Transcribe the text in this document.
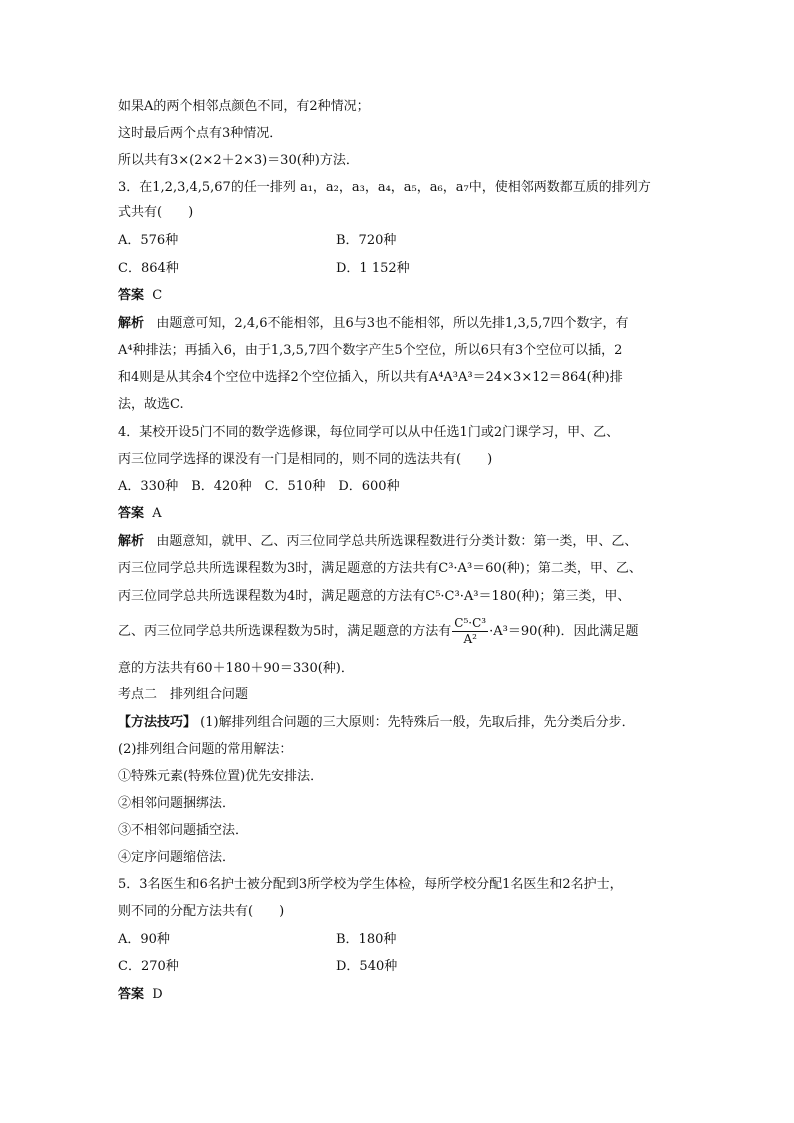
如果A的两个相邻点颜色不同，有2种情况；
这时最后两个点有3种情况．
所以共有3×(2×2＋2×3)＝30(种)方法．
3．在1,2,3,4,5,67的任一排列 a₁，a₂，a₃，a₄，a₅，a₆，a₇中，使相邻两数都互质的排列方
式共有(　　)
A．576种	B．720种
C．864种	D．1 152种
答案 C
解析 由题意可知，2,4,6不能相邻，且6与3也不能相邻，所以先排1,3,5,7四个数字，有
A⁴种排法；再插入6，由于1,3,5,7四个数字产生5个空位，所以6只有3个空位可以插，2
和4则是从其余4个空位中选择2个空位插入，所以共有A⁴A³A³＝24×3×12＝864(种)排
法，故选C.
4．某校开设5门不同的数学选修课，每位同学可以从中任选1门或2门课学习，甲、乙、
丙三位同学选择的课没有一门是相同的，则不同的选法共有(　　)
A．330种　B．420种　C．510种　D．600种
答案 A
解析 由题意知，就甲、乙、丙三位同学总共所选课程数进行分类计数：第一类，甲、乙、
丙三位同学总共所选课程数为3时，满足题意的方法共有C³·A³＝60(种)；第二类，甲、乙、
丙三位同学总共所选课程数为4时，满足题意的方法有C⁵·C³·A³＝180(种)；第三类，甲、
乙、丙三位同学总共所选课程数为5时，满足题意的方法有 $\frac{\text{C⁵·C³}}{\text{A²}} \cdot A^3=90$(种)．因此满足题
意的方法共有60＋180＋90＝330(种)．
考点二　排列组合问题
【方法技巧】 (1)解排列组合问题的三大原则：先特殊后一般，先取后排，先分类后分步．
(2)排列组合问题的常用解法：
①特殊元素(特殊位置)优先安排法．
②相邻问题捆绑法．
③不相邻问题插空法．
④定序问题缩倍法．
5．3名医生和6名护士被分配到3所学校为学生体检，每所学校分配1名医生和2名护士，
则不同的分配方法共有(　　)
A．90种	B．180种
C．270种	D．540种
答案 D
